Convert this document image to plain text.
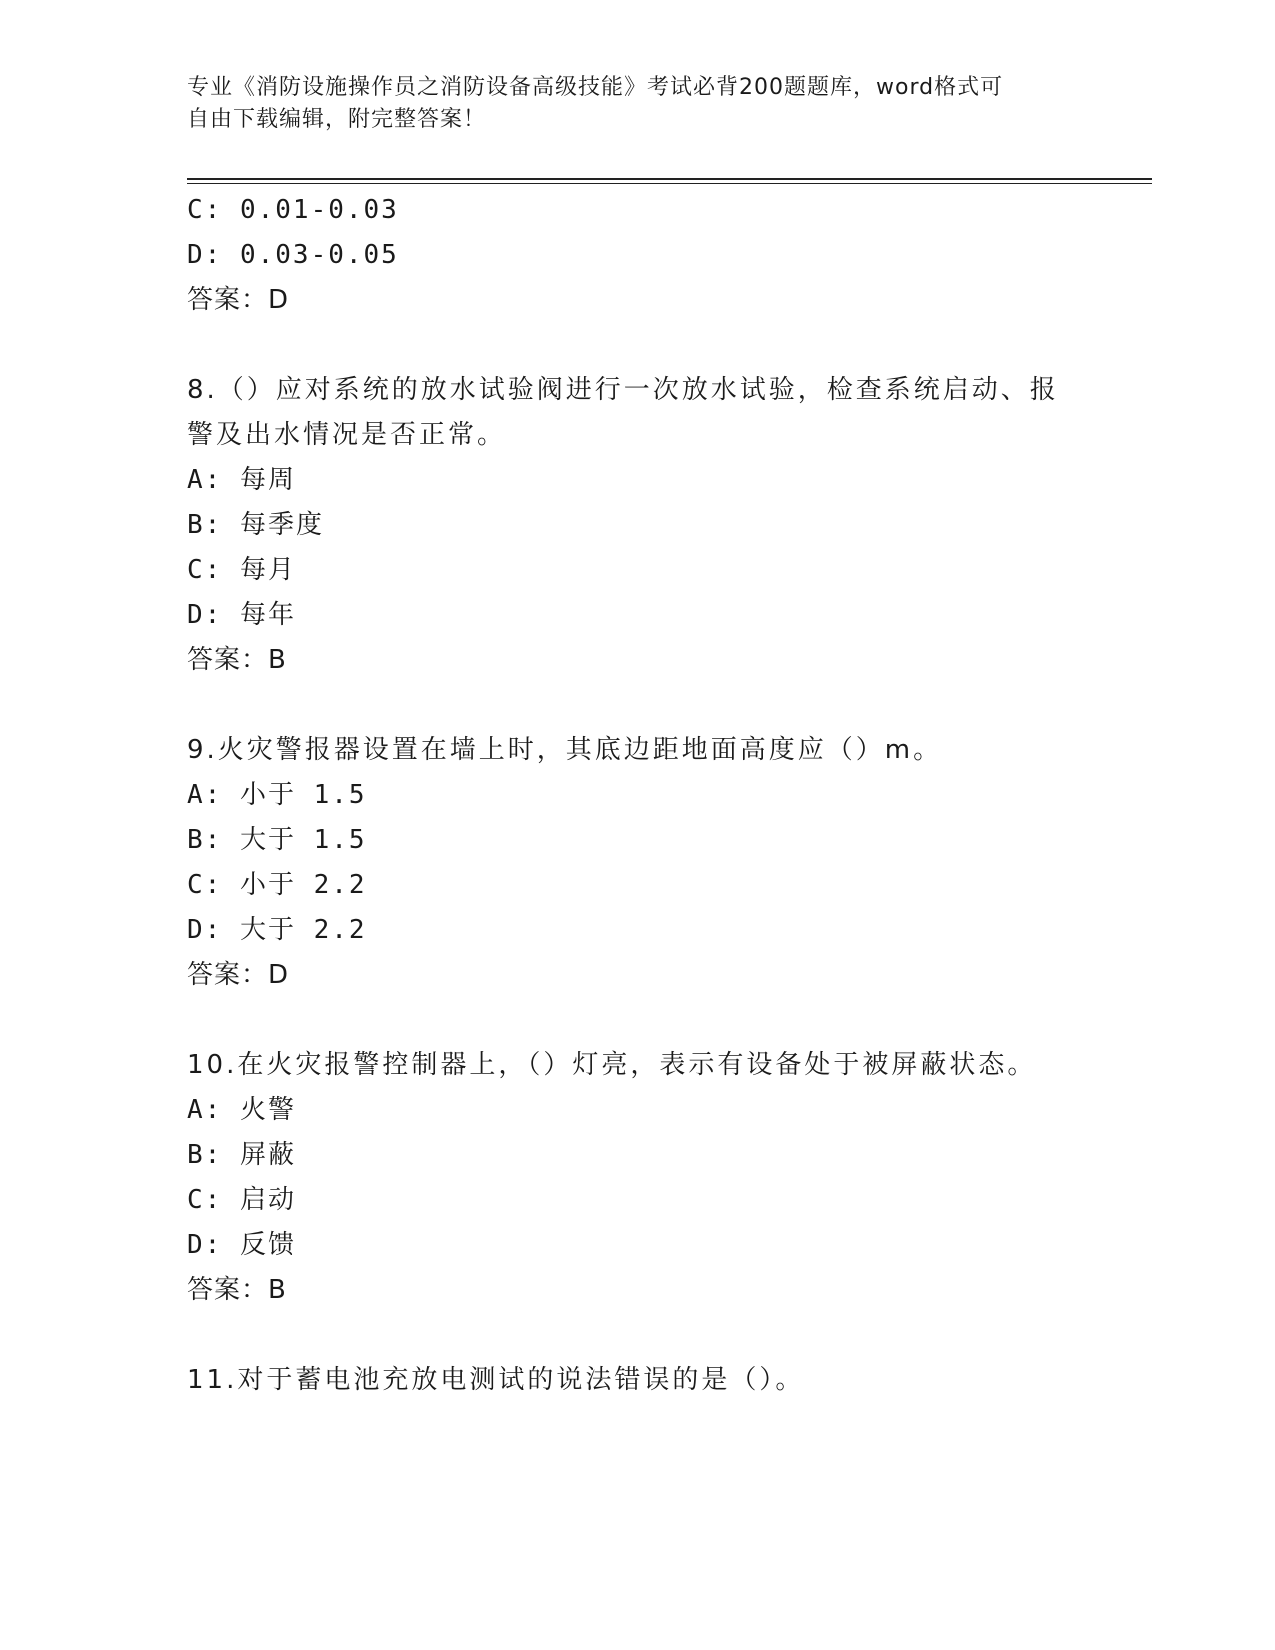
专业《消防设施操作员之消防设备高级技能》考试必背200题题库，word格式可
自由下载编辑，附完整答案！
C: 0.01-0.03
D: 0.03-0.05
答案：D
8.（）应对系统的放水试验阀进行一次放水试验，检查系统启动、报
警及出水情况是否正常。
A: 每周
B: 每季度
C: 每月
D: 每年
答案：B
9.火灾警报器设置在墙上时，其底边距地面高度应（）m。
A: 小于 1.5
B: 大于 1.5
C: 小于 2.2
D: 大于 2.2
答案：D
10.在火灾报警控制器上，（）灯亮，表示有设备处于被屏蔽状态。
A: 火警
B: 屏蔽
C: 启动
D: 反馈
答案：B
11.对于蓄电池充放电测试的说法错误的是（）。
